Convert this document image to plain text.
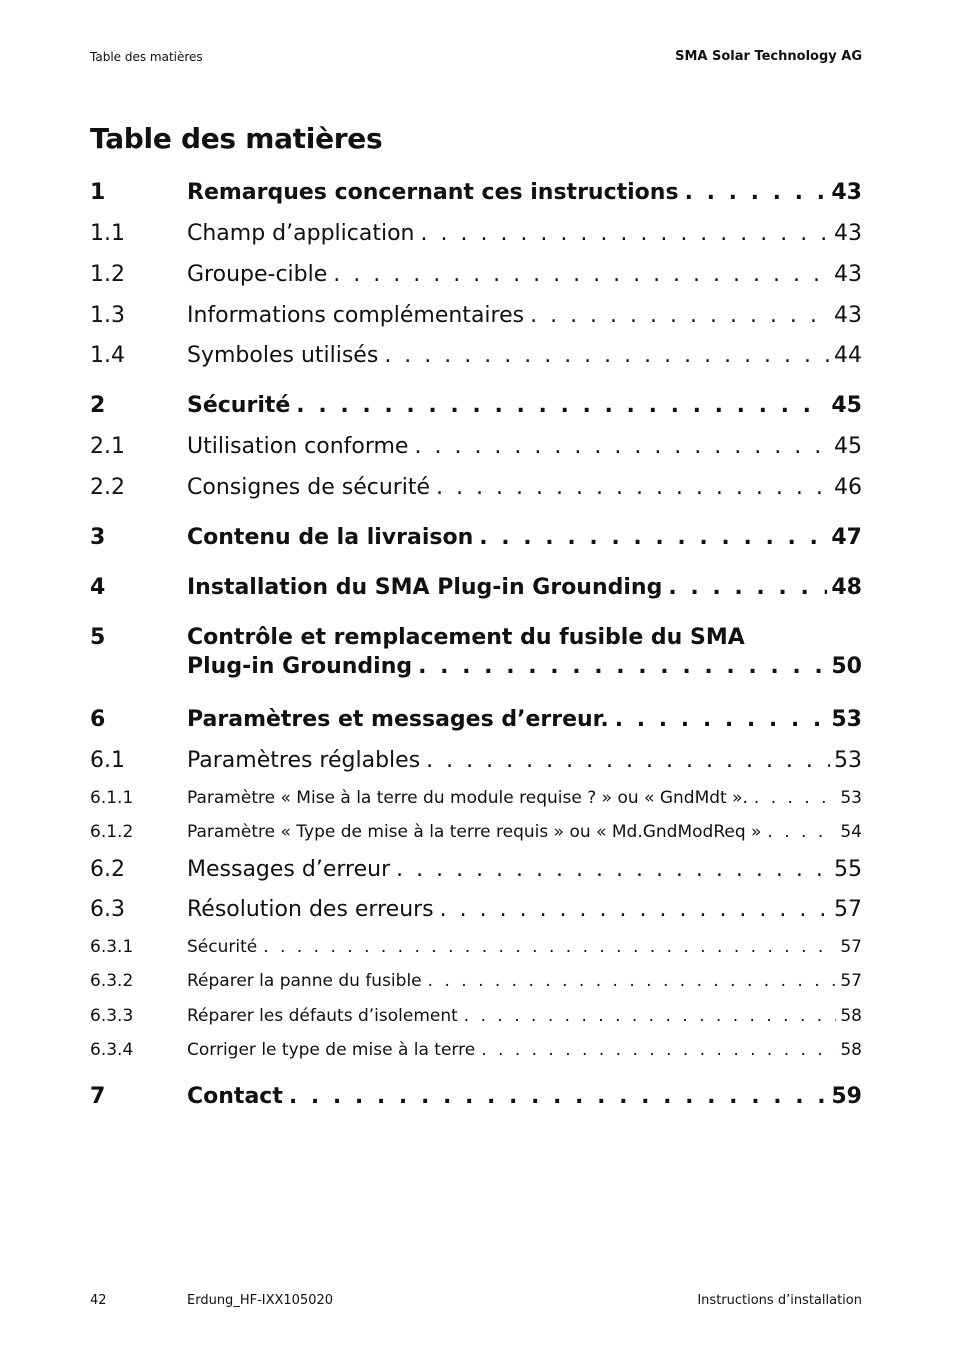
Table des matières	SMA Solar Technology AG
Table des matières
1	Remarques concernant ces instructions . . .	43
1.1	Champ d’application . . .	43
1.2	Groupe-cible . . .	43
1.3	Informations complémentaires . . .	43
1.4	Symboles utilisés . . .	44
2	Sécurité . . .	45
2.1	Utilisation conforme . . .	45
2.2	Consignes de sécurité . . .	46
3	Contenu de la livraison . . .	47
4	Installation du SMA Plug-in Grounding . . .	48
5	Contrôle et remplacement du fusible du SMA
Plug-in Grounding . . .	50
6	Paramètres et messages d’erreur. . . .	53
6.1	Paramètres réglables . . .	53
6.1.1	Paramètre « Mise à la terre du module requise ? » ou « GndMdt ». . . .	53
6.1.2	Paramètre « Type de mise à la terre requis » ou « Md.GndModReq » . . .	54
6.2	Messages d’erreur . . .	55
6.3	Résolution des erreurs . . .	57
6.3.1	Sécurité . . .	57
6.3.2	Réparer la panne du fusible . . .	57
6.3.3	Réparer les défauts d’isolement . . .	58
6.3.4	Corriger le type de mise à la terre . . .	58
7	Contact . . .	59
42	Erdung_HF-IXX105020	Instructions d’installation
